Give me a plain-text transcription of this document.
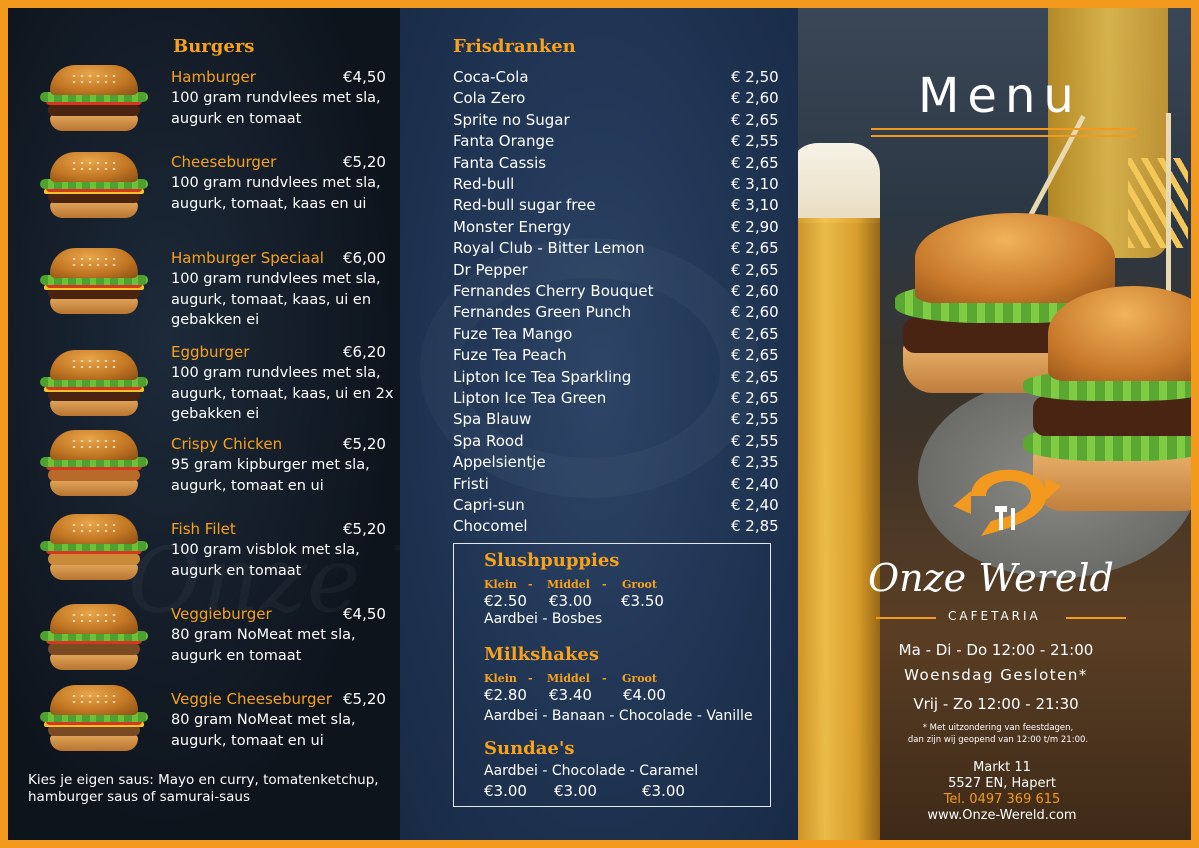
Burgers
Hamburger	€4,50
100 gram rundvlees met sla, augurk en tomaat
Cheeseburger	€5,20
100 gram rundvlees met sla, augurk, tomaat, kaas en ui
Hamburger Speciaal €6,00
100 gram rundvlees met sla, augurk, tomaat, kaas, ui en gebakken ei
Eggburger	€6,20
100 gram rundvlees met sla, augurk, tomaat, kaas, ui en 2x gebakken ei
Crispy Chicken	€5,20
95 gram kipburger met sla, augurk, tomaat en ui
Fish Filet	€5,20
100 gram visblok met sla, augurk en tomaat
Veggieburger	€4,50
80 gram NoMeat met sla, augurk en tomaat
Veggie Cheeseburger €5,20
80 gram NoMeat met sla, augurk, tomaat en ui
Kies je eigen saus: Mayo en curry, tomatenketchup, hamburger saus of samurai-saus
Frisdranken
Coca-Cola	€ 2,50
Cola Zero	€ 2,60
Sprite no Sugar	€ 2,65
Fanta Orange	€ 2,55
Fanta Cassis	€ 2,65
Red-bull	€ 3,10
Red-bull sugar free	€ 3,10
Monster Energy	€ 2,90
Royal Club - Bitter Lemon	€ 2,65
Dr Pepper	€ 2,65
Fernandes Cherry Bouquet	€ 2,60
Fernandes Green Punch	€ 2,60
Fuze Tea Mango	€ 2,65
Fuze Tea Peach	€ 2,65
Lipton Ice Tea Sparkling	€ 2,65
Lipton Ice Tea Green	€ 2,65
Spa Blauw	€ 2,55
Spa Rood	€ 2,55
Appelsientje	€ 2,35
Fristi	€ 2,40
Capri-sun	€ 2,40
Chocomel	€ 2,85
Slushpuppies
Klein - Middel - Groot
€2.50 €3.00 €3.50
Aardbei - Bosbes
Milkshakes
Klein - Middel - Groot
€2.80 €3.40 €4.00
Aardbei - Banaan - Chocolade - Vanille
Sundae's
Aardbei - Chocolade - Caramel
€3.00 €3.00	€3.00
Menu
Onze Wereld
CAFETARIA
Ma - Di - Do 12:00 - 21:00
Woensdag Gesloten*
Vrij - Zo 12:00 - 21:30
* Met uitzondering van feestdagen,
dan zijn wij geopend van 12:00 t/m 21:00.
Markt 11
5527 EN, Hapert
Tel. 0497 369 615
www.Onze-Wereld.com
